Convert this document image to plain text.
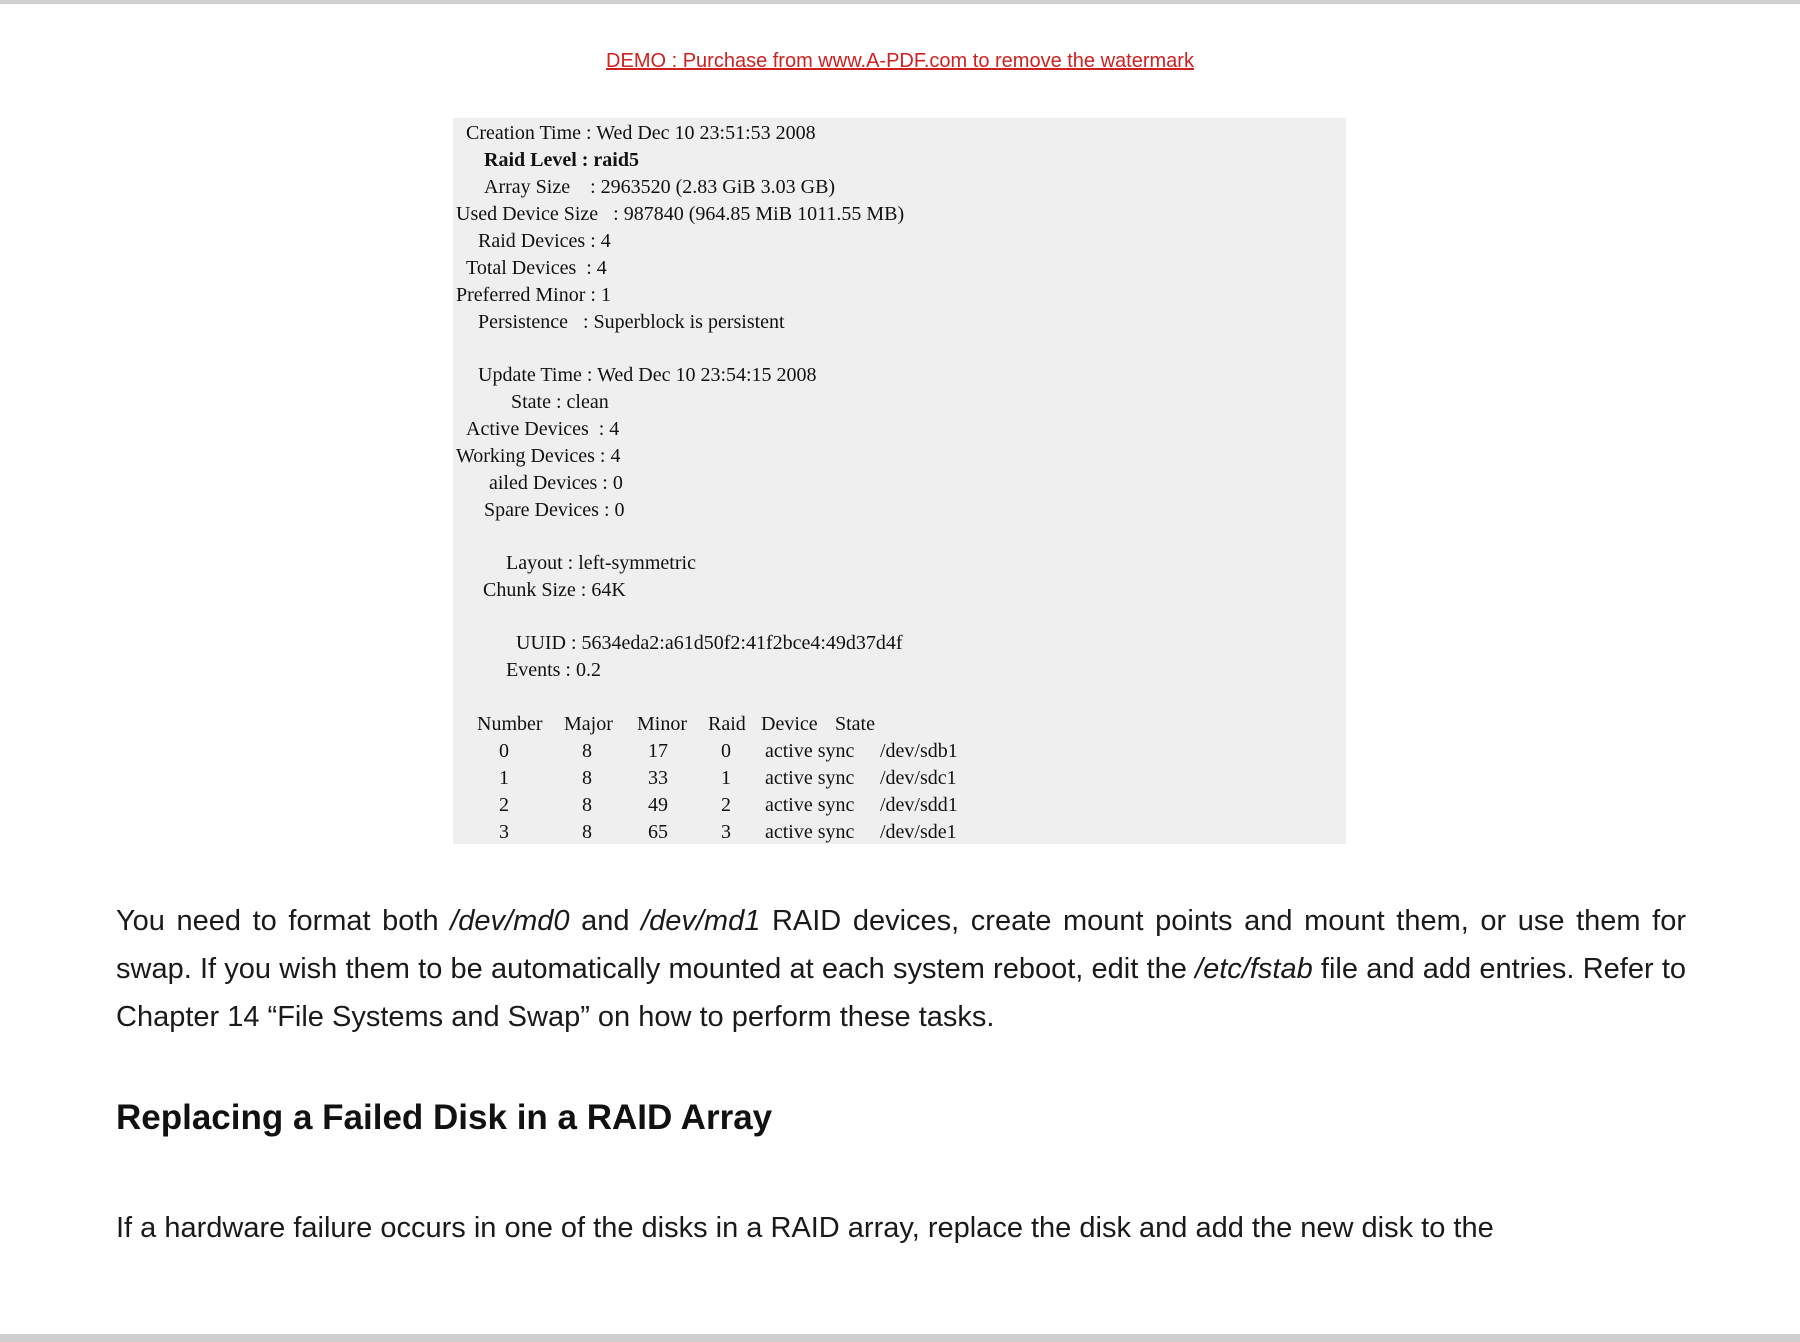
DEMO : Purchase from www.A-PDF.com to remove the watermark
Creation Time : Wed Dec 10 23:51:53 2008
Raid Level : raid5
Array Size    : 2963520 (2.83 GiB 3.03 GB)
Used Device Size   : 987840 (964.85 MiB 1011.55 MB)
Raid Devices : 4
Total Devices  : 4
Preferred Minor : 1
Persistence   : Superblock is persistent
Update Time : Wed Dec 10 23:54:15 2008
State : clean
Active Devices  : 4
Working Devices : 4
ailed Devices : 0
Spare Devices : 0
Layout : left-symmetric
Chunk Size : 64K
UUID : 5634eda2:a61d50f2:41f2bce4:49d37d4f
Events : 0.2
Number Major Minor Raid Device State
0	8	17	0 active sync /dev/sdb1
1	8	33	1 active sync /dev/sdc1
2	8	49	2 active sync /dev/sdd1
3	8	65	3 active sync /dev/sde1

You need to format both /dev/md0 and /dev/md1 RAID devices, create mount points and mount them, or use them for swap. If you wish them to be automatically mounted at each system reboot, edit the /etc/fstab file and add entries. Refer to Chapter 14 “File Systems and Swap” on how to perform these tasks.

Replacing a Failed Disk in a RAID Array

If a hardware failure occurs in one of the disks in a RAID array, replace the disk and add the new disk to the
